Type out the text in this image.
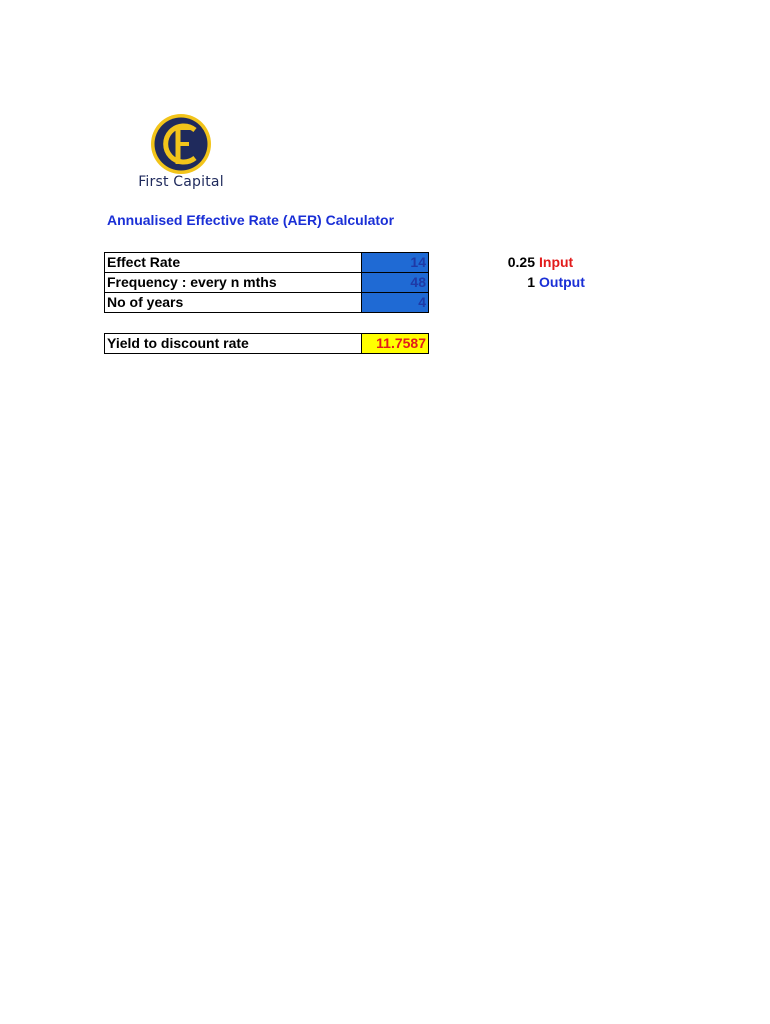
First Capital
Annualised Effective Rate (AER) Calculator
Effect Rate	14
Frequency : every n mths	48
No of years	4
Yield to discount rate	11.7587
0.25 Input
1 Output
